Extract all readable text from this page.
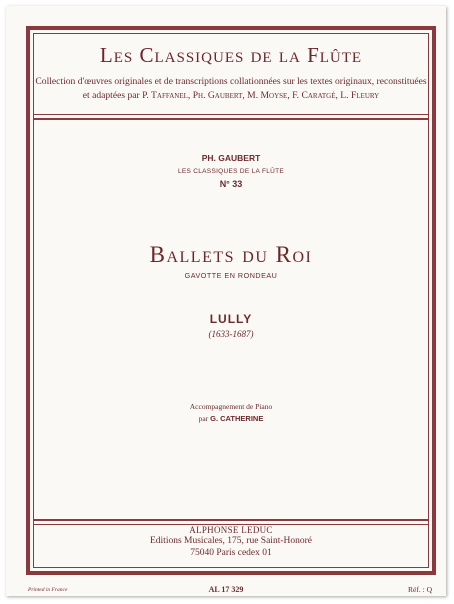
Les Classiques de la Flûte
Collection d'œuvres originales et de transcriptions collationnées sur les textes originaux, reconstituées
et adaptées par P. Taffanel, Ph. Gaubert, M. Moyse, F. Caratgé, L. Fleury
PH. GAUBERT
LES CLASSIQUES DE LA FLÛTE
N° 33
Ballets du Roi
GAVOTTE EN RONDEAU
LULLY
(1633-1687)
Accompagnement de Piano
par G. CATHERINE
ALPHONSE LEDUC
Editions Musicales, 175, rue Saint-Honoré
75040 Paris cedex 01
Printed in France	AL 17 329	Réf. : Q
